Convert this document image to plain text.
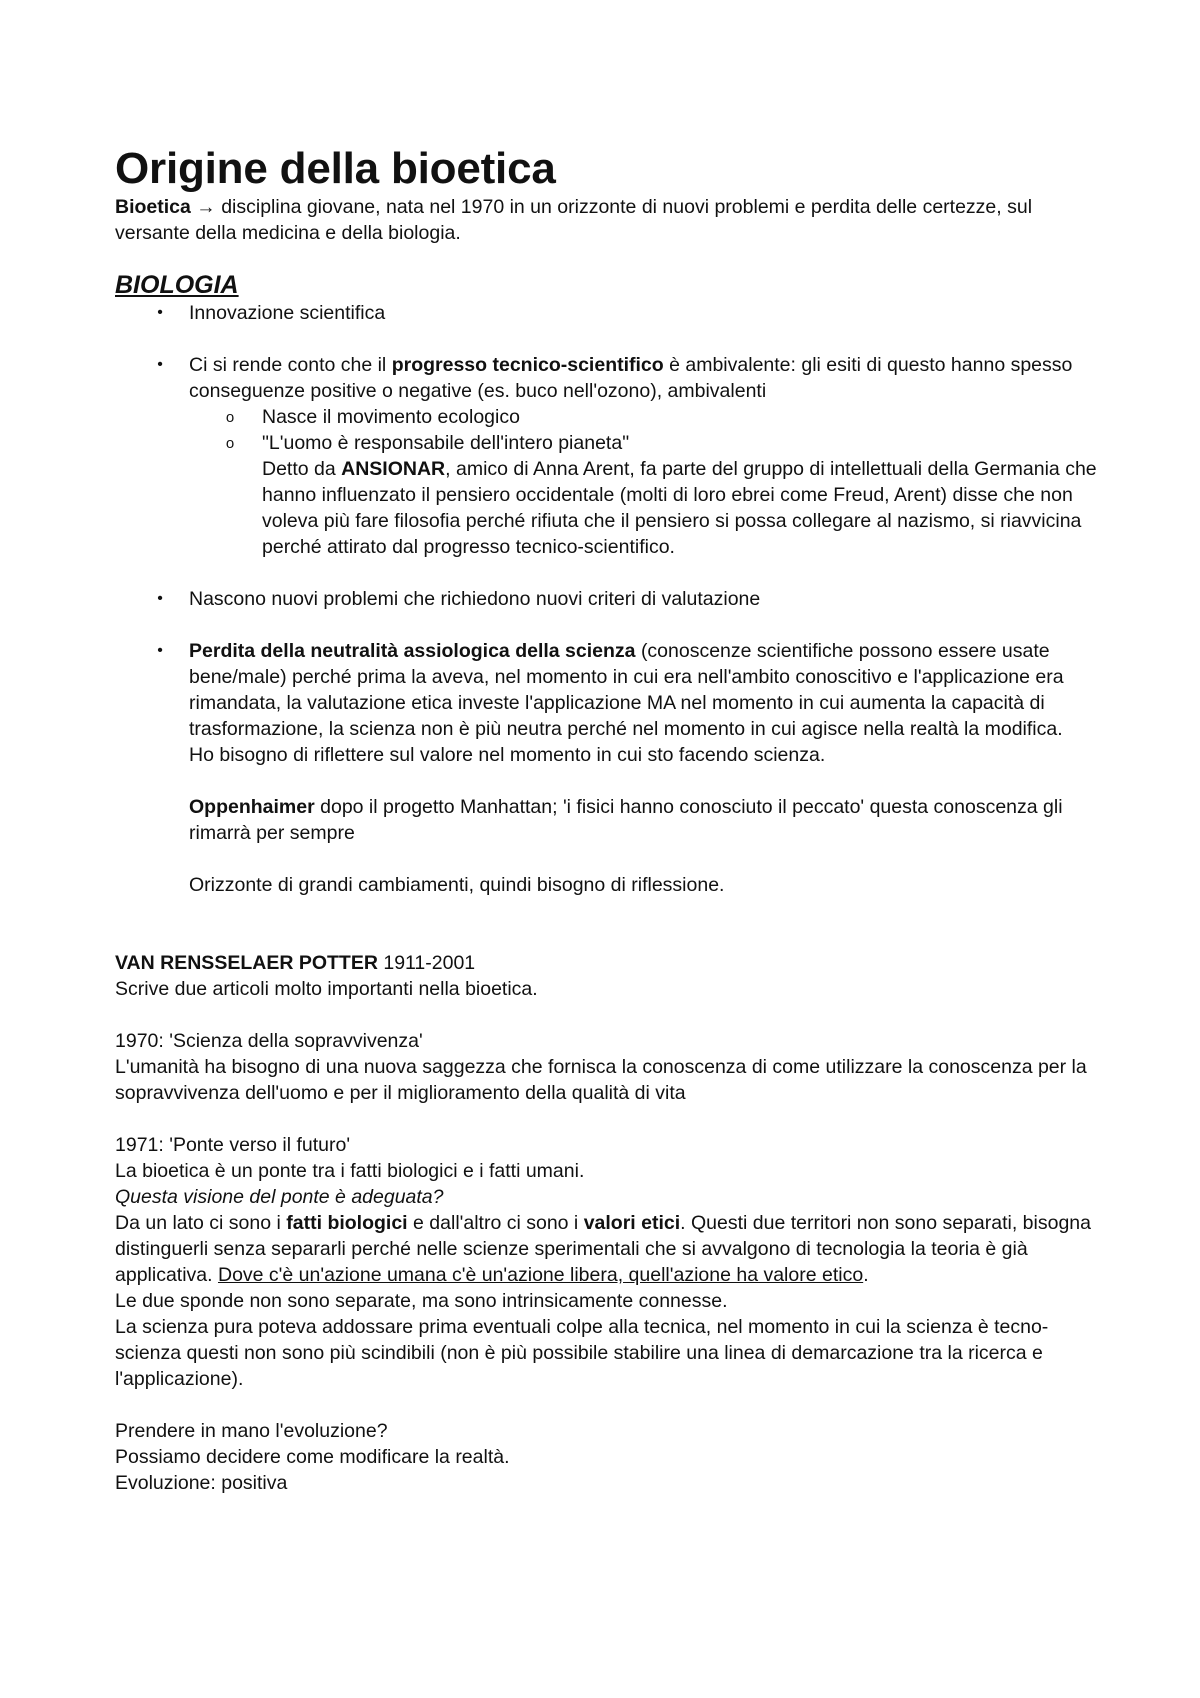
Origine della bioetica

Bioetica → disciplina giovane, nata nel 1970 in un orizzonte di nuovi problemi e perdita delle certezze, sul versante della medicina e della biologia.

BIOLOGIA
•	Innovazione scientifica
•	Ci si rende conto che il progresso tecnico-scientifico è ambivalente: gli esiti di questo hanno spesso conseguenze positive o negative (es. buco nell'ozono), ambivalenti
o Nasce il movimento ecologico
o "L'uomo è responsabile dell'intero pianeta"

Detto da ANSIONAR, amico di Anna Arent, fa parte del gruppo di intellettuali della Germania che hanno influenzato il pensiero occidentale (molti di loro ebrei come Freud, Arent) disse che non voleva più fare filosofia perché rifiuta che il pensiero si possa collegare al nazismo, si riavvicina perché attirato dal progresso tecnico-scientifico.

•	Nascono nuovi problemi che richiedono nuovi criteri di valutazione
•	Perdita della neutralità assiologica della scienza (conoscenze scientifiche possono essere usate bene/male) perché prima la aveva, nel momento in cui era nell'ambito conoscitivo e l'applicazione era rimandata, la valutazione etica investe l'applicazione MA nel momento in cui aumenta la capacità di trasformazione, la scienza non è più neutra perché nel momento in cui agisce nella realtà la modifica.

Ho bisogno di riflettere sul valore nel momento in cui sto facendo scienza.

Oppenhaimer dopo il progetto Manhattan; 'i fisici hanno conosciuto il peccato' questa conoscenza gli rimarrà per sempre

Orizzonte di grandi cambiamenti, quindi bisogno di riflessione.

VAN RENSSELAER POTTER 1911-2001

Scrive due articoli molto importanti nella bioetica.

1970: 'Scienza della sopravvivenza'

L'umanità ha bisogno di una nuova saggezza che fornisca la conoscenza di come utilizzare la conoscenza per la sopravvivenza dell'uomo e per il miglioramento della qualità di vita

1971: 'Ponte verso il futuro'

La bioetica è un ponte tra i fatti biologici e i fatti umani.

Questa visione del ponte è adeguata?

Da un lato ci sono i fatti biologici e dall'altro ci sono i valori etici. Questi due territori non sono separati, bisogna distinguerli senza separarli perché nelle scienze sperimentali che si avvalgono di tecnologia la teoria è già applicativa. Dove c'è un'azione umana c'è un'azione libera, quell'azione ha valore etico.

Le due sponde non sono separate, ma sono intrinsicamente connesse.

La scienza pura poteva addossare prima eventuali colpe alla tecnica, nel momento in cui la scienza è tecno-scienza questi non sono più scindibili (non è più possibile stabilire una linea di demarcazione tra la ricerca e l'applicazione).

Prendere in mano l'evoluzione?

Possiamo decidere come modificare la realtà.

Evoluzione: positiva
